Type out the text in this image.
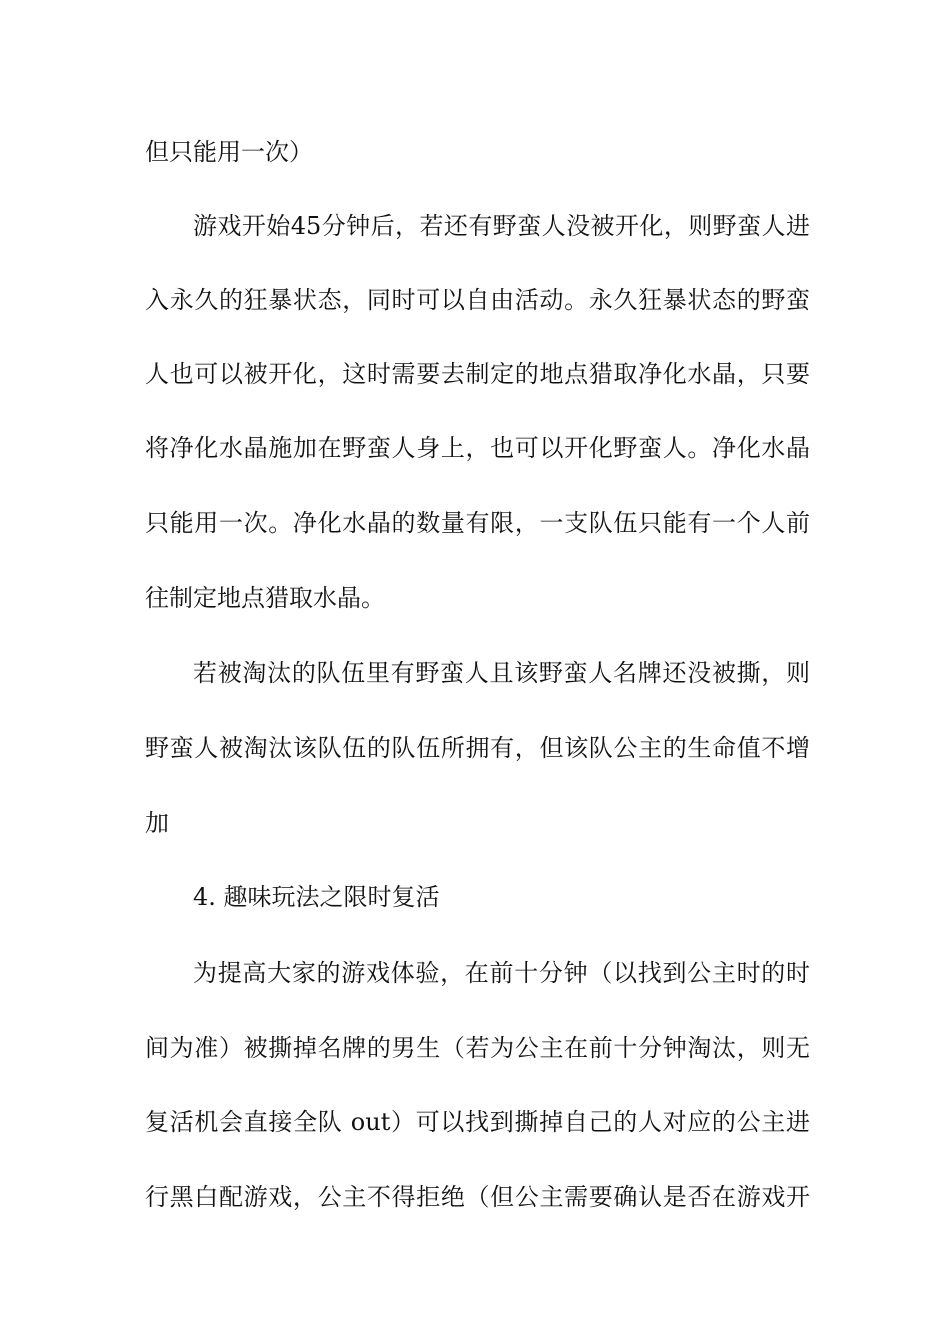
但只能用一次）
游戏开始45分钟后，若还有野蛮人没被开化，则野蛮人进
入永久的狂暴状态，同时可以自由活动。永久狂暴状态的野蛮
人也可以被开化，这时需要去制定的地点猎取净化水晶，只要
将净化水晶施加在野蛮人身上，也可以开化野蛮人。净化水晶
只能用一次。净化水晶的数量有限，一支队伍只能有一个人前
往制定地点猎取水晶。
若被淘汰的队伍里有野蛮人且该野蛮人名牌还没被撕，则
野蛮人被淘汰该队伍的队伍所拥有，但该队公主的生命值不增
加
4. 趣味玩法之限时复活
为提高大家的游戏体验，在前十分钟（以找到公主时的时
间为准）被撕掉名牌的男生（若为公主在前十分钟淘汰，则无
复活机会直接全队 out）可以找到撕掉自己的人对应的公主进
行黑白配游戏，公主不得拒绝（但公主需要确认是否在游戏开
